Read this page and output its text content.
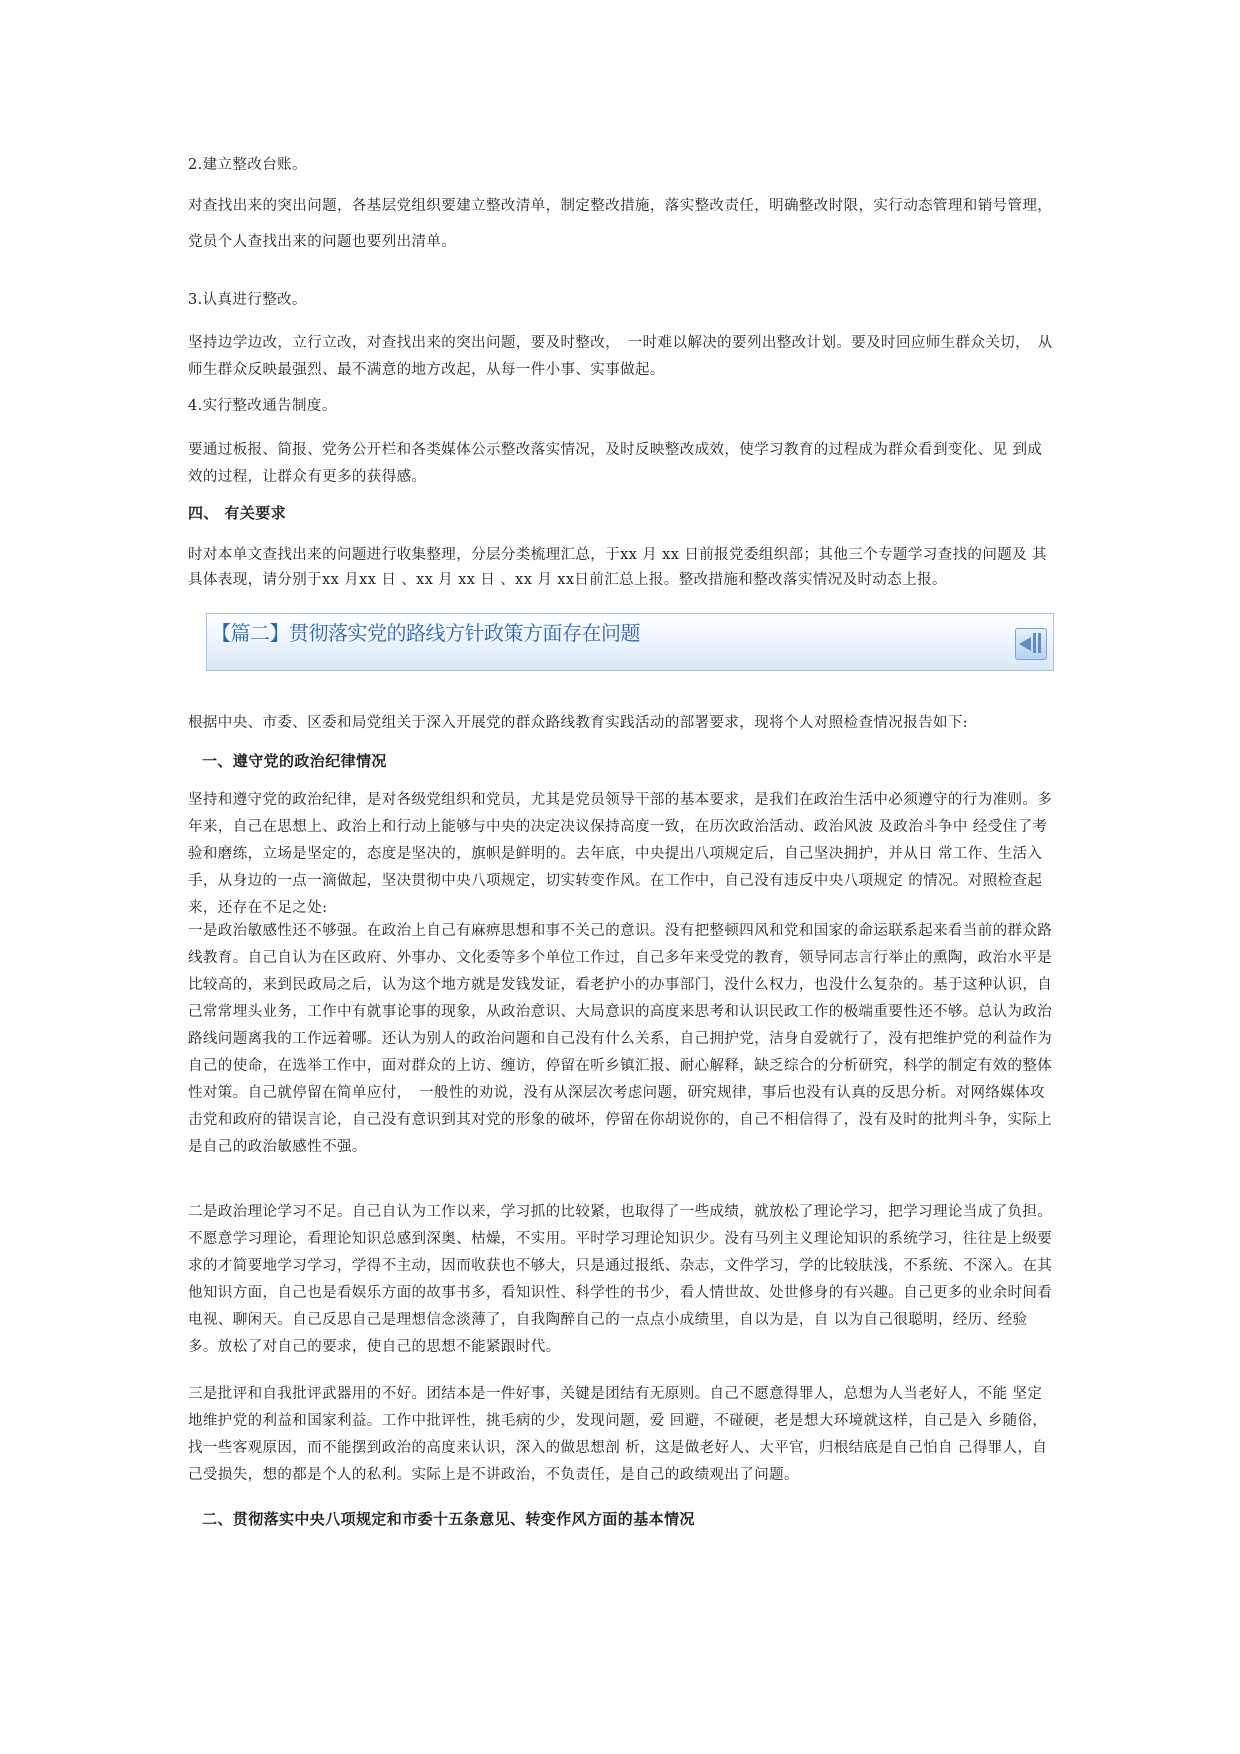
2.建立整改台账。

对查找出来的突出问题，各基层党组织要建立整改清单，制定整改措施，落实整改责任，明确整改时限，实行动态管理和销号管理，党员个人查找出来的问题也要列出清单。

3.认真进行整改。

坚持边学边改，立行立改，对查找出来的突出问题，要及时整改，　一时难以解决的要列出整改计划。要及时回应师生群众关切，　从师生群众反映最强烈、最不满意的地方改起，从每一件小事、实事做起。

4.实行整改通告制度。

要通过板报、简报、党务公开栏和各类媒体公示整改落实情况，及时反映整改成效，使学习教育的过程成为群众看到变化、见 到成效的过程，让群众有更多的获得感。

四、 有关要求

时对本单文查找出来的问题进行收集整理，分层分类梳理汇总，于xx 月 xx 日前报党委组织部；其他三个专题学习查找的问题及 其具体表现，请分别于xx 月xx 日 、xx 月 xx 日 、xx 月 xx日前汇总上报。整改措施和整改落实情况及时动态上报。

【篇二】贯彻落实党的路线方针政策方面存在问题

根据中央、市委、区委和局党组关于深入开展党的群众路线教育实践活动的部署要求，现将个人对照检查情况报告如下:

一、遵守党的政治纪律情况

坚持和遵守党的政治纪律，是对各级党组织和党员，尤其是党员领导干部的基本要求，是我们在政治生活中必须遵守的行为准则。多年来，自己在思想上、政治上和行动上能够与中央的决定决议保持高度一致，在历次政治活动、政治风波 及政治斗争中 经受住了考验和磨练，立场是坚定的，态度是坚决的，旗帜是鲜明的。去年底，中央提出八项规定后，自己坚决拥护，并从日 常工作、生活入手，从身边的一点一滴做起，坚决贯彻中央八项规定，切实转变作风。在工作中，自己没有违反中央八项规定 的情况。对照检查起来，还存在不足之处:

一是政治敏感性还不够强。在政治上自己有麻痹思想和事不关己的意识。没有把整顿四风和党和国家的命运联系起来看当前的群众路线教育。自己自认为在区政府、外事办、文化委等多个单位工作过，自己多年来受党的教育，领导同志言行举止的熏陶，政治水平是比较高的，来到民政局之后，认为这个地方就是发钱发证，看老护小的办事部门，没什么权力，也没什么复杂的。基于这种认识，自己常常埋头业务，工作中有就事论事的现象，从政治意识、大局意识的高度来思考和认识民政工作的极端重要性还不够。总认为政治路线问题离我的工作远着哪。还认为别人的政治问题和自己没有什么关系，自己拥护党，洁身自爱就行了，没有把维护党的利益作为自己的使命，在选举工作中，面对群众的上访、缠访，停留在听乡镇汇报、耐心解释，缺乏综合的分析研究，科学的制定有效的整体性对策。自己就停留在简单应付，　一般性的劝说，没有从深层次考虑问题，研究规律，事后也没有认真的反思分析。对网络媒体攻击党和政府的错误言论，自己没有意识到其对党的形象的破坏，停留在你胡说你的，自己不相信得了，没有及时的批判斗争，实际上是自己的政治敏感性不强。

二是政治理论学习不足。自己自认为工作以来，学习抓的比较紧，也取得了一些成绩，就放松了理论学习，把学习理论当成了负担。不愿意学习理论，看理论知识总感到深奥、枯燥，不实用。平时学习理论知识少。没有马列主义理论知识的系统学习，往往是上级要求的才简要地学习学习，学得不主动，因而收获也不够大，只是通过报纸、杂志，文件学习，学的比较肤浅，不系统、不深入。在其他知识方面，自己也是看娱乐方面的故事书多，看知识性、科学性的书少，看人情世故、处世修身的有兴趣。自己更多的业余时间看电视、聊闲天。自己反思自己是理想信念淡薄了，自我陶醉自己的一点点小成绩里，自以为是，自 以为自己很聪明，经历、经验多。放松了对自己的要求，使自己的思想不能紧跟时代。

三是批评和自我批评武器用的不好。团结本是一件好事，关键是团结有无原则。自己不愿意得罪人，总想为人当老好人，不能 坚定地维护党的利益和国家利益。工作中批评性，挑毛病的少，发现问题，爱 回避，不碰硬，老是想大环境就这样，自己是入 乡随俗，找一些客观原因，而不能摆到政治的高度来认识，深入的做思想剖 析，这是做老好人、大平官，归根结底是自己怕自 己得罪人，自己受损失，想的都是个人的私利。实际上是不讲政治，不负责任，是自己的政绩观出了问题。

二、贯彻落实中央八项规定和市委十五条意见、转变作风方面的基本情况
